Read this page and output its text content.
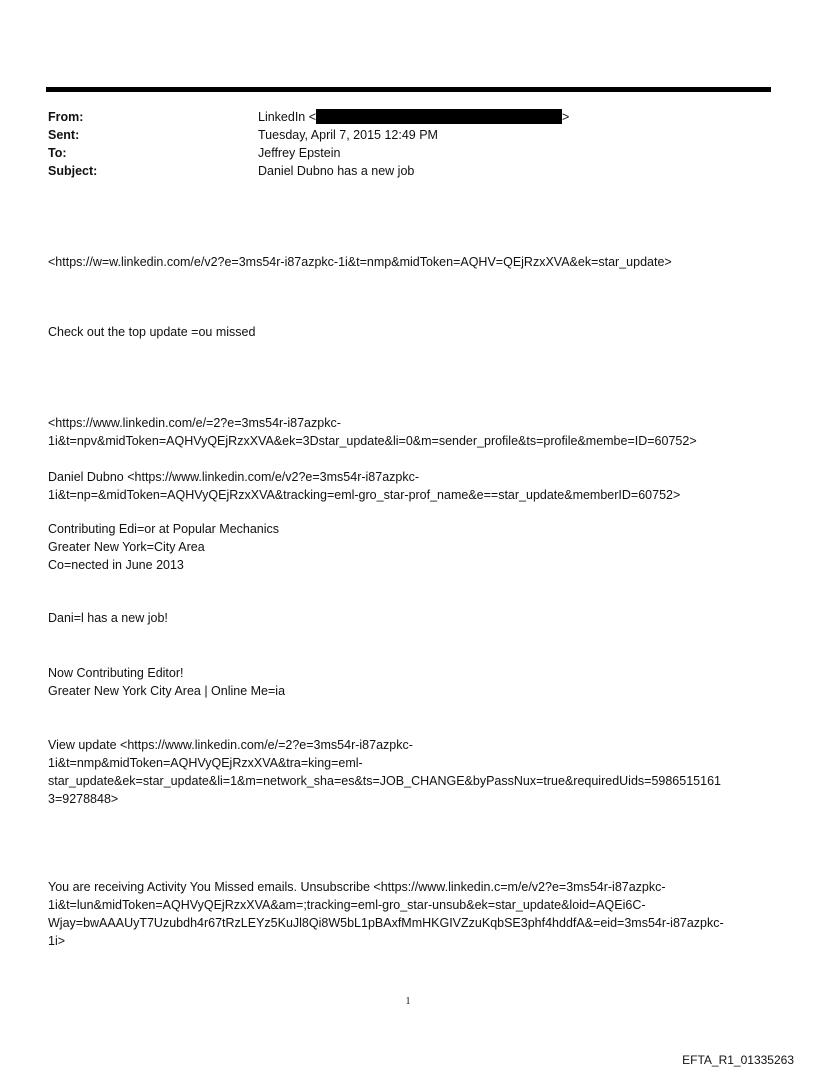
From:	LinkedIn <	>
Sent:	Tuesday, April 7, 2015 12:49 PM
To:	Jeffrey Epstein
Subject:	Daniel Dubno has a new job
<https://w=w.linkedin.com/e/v2?e=3ms54r-i87azpkc-1i&t=nmp&midToken=AQHV=QEjRzxXVA&ek=star_update>
Check out the top update =ou missed
<https://www.linkedin.com/e/=2?e=3ms54r-i87azpkc-
1i&t=npv&midToken=AQHVyQEjRzxXVA&ek=3Dstar_update&li=0&m=sender_profile&ts=profile&membe=ID=60752>
Daniel Dubno <https://www.linkedin.com/e/v2?e=3ms54r-i87azpkc-
1i&t=np=&midToken=AQHVyQEjRzxXVA&tracking=eml-gro_star-prof_name&e==star_update&memberID=60752>
Contributing Edi=or at Popular Mechanics
Greater New York=City Area
Co=nected in June 2013
Dani=l has a new job!
Now Contributing Editor!
Greater New York City Area | Online Me=ia
View update <https://www.linkedin.com/e/=2?e=3ms54r-i87azpkc-
1i&t=nmp&midToken=AQHVyQEjRzxXVA&tra=king=eml-
star_update&ek=star_update&li=1&m=network_sha=es&ts=JOB_CHANGE&byPassNux=true&requiredUids=5986515161
3=9278848>
You are receiving Activity You Missed emails. Unsubscribe <https://www.linkedin.c=m/e/v2?e=3ms54r-i87azpkc-
1i&t=lun&midToken=AQHVyQEjRzxXVA&am=;tracking=eml-gro_star-unsub&ek=star_update&loid=AQEi6C-
Wjay=bwAAAUyT7Uzubdh4r67tRzLEYz5KuJl8Qi8W5bL1pBAxfMmHKGIVZzuKqbSE3phf4hddfA&=eid=3ms54r-i87azpkc-
1i>
1
EFTA_R1_01335263
